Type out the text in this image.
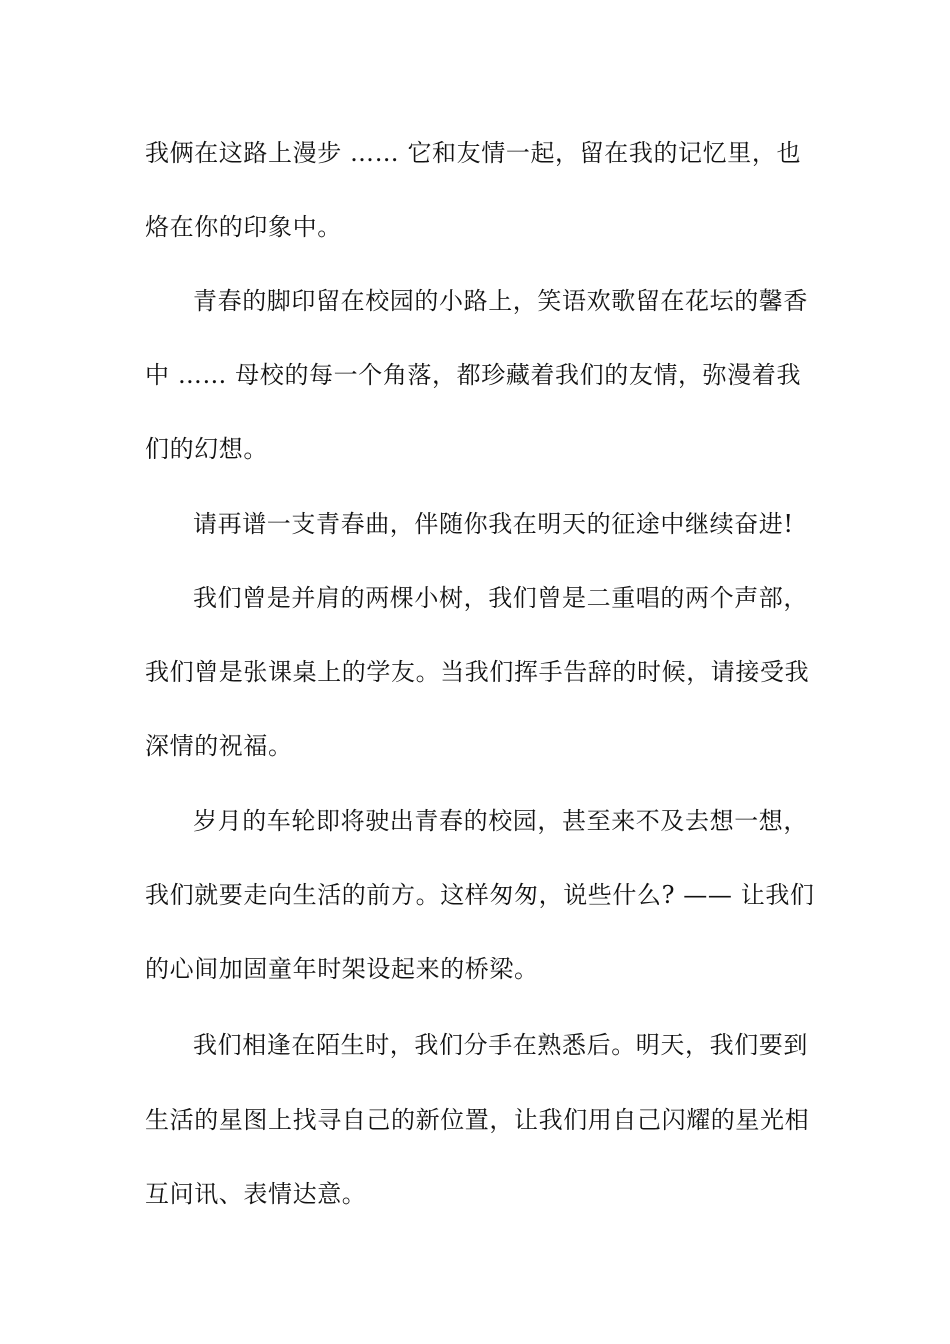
我俩在这路上漫步 …… 它和友情一起，留在我的记忆里，也
烙在你的印象中。
青春的脚印留在校园的小路上，笑语欢歌留在花坛的馨香
中 …… 母校的每一个角落，都珍藏着我们的友情，弥漫着我
们的幻想。
请再谱一支青春曲，伴随你我在明天的征途中继续奋进!
我们曾是并肩的两棵小树，我们曾是二重唱的两个声部，
我们曾是张课桌上的学友。当我们挥手告辞的时候，请接受我
深情的祝福。
岁月的车轮即将驶出青春的校园，甚至来不及去想一想，
我们就要走向生活的前方。这样匆匆，说些什么? —— 让我们
的心间加固童年时架设起来的桥梁。
我们相逢在陌生时，我们分手在熟悉后。明天，我们要到
生活的星图上找寻自己的新位置，让我们用自己闪耀的星光相
互问讯、表情达意。
